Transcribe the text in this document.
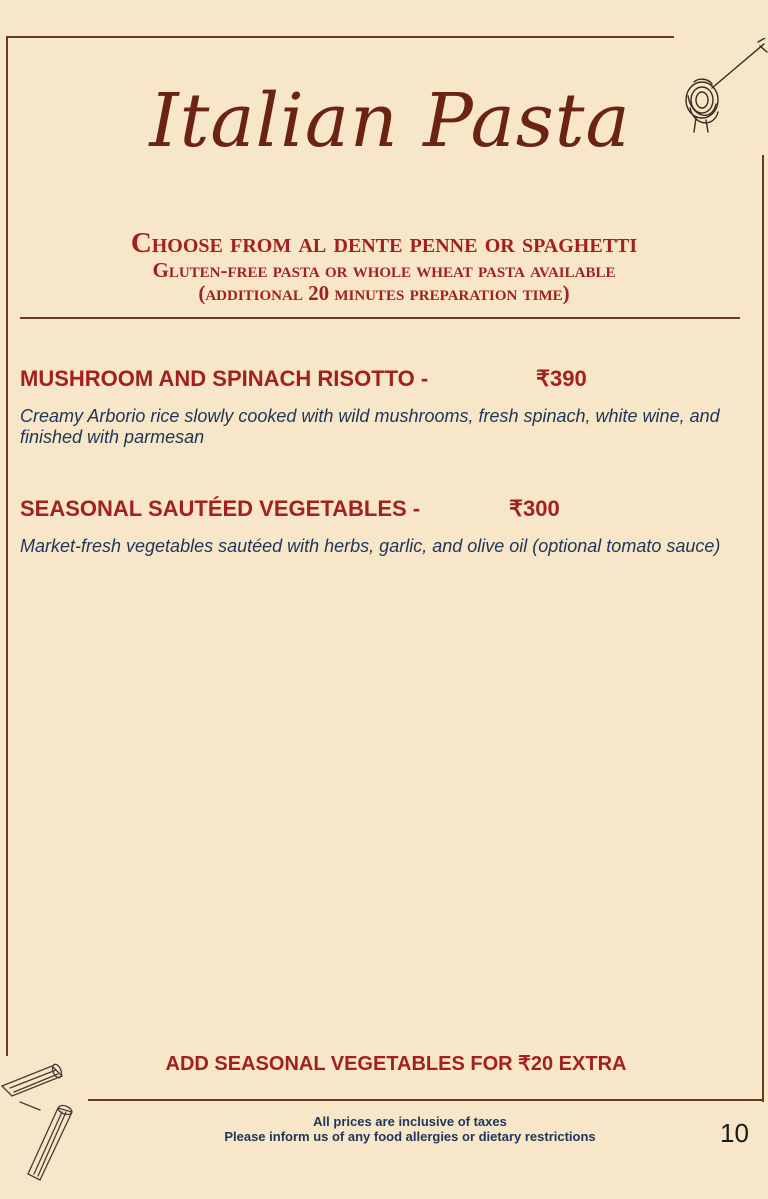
Italian Pasta
Choose from al dente penne or spaghetti
Gluten-free pasta or whole wheat pasta available
(additional 20 minutes preparation time)
MUSHROOM AND SPINACH RISOTTO -	₹390
Creamy Arborio rice slowly cooked with wild mushrooms, fresh spinach, white wine, and finished with parmesan
SEASONAL SAUTÉED VEGETABLES -	₹300
Market-fresh vegetables sautéed with herbs, garlic, and olive oil (optional tomato sauce)
ADD SEASONAL VEGETABLES FOR ₹20 EXTRA
All prices are inclusive of taxes
Please inform us of any food allergies or dietary restrictions	10
